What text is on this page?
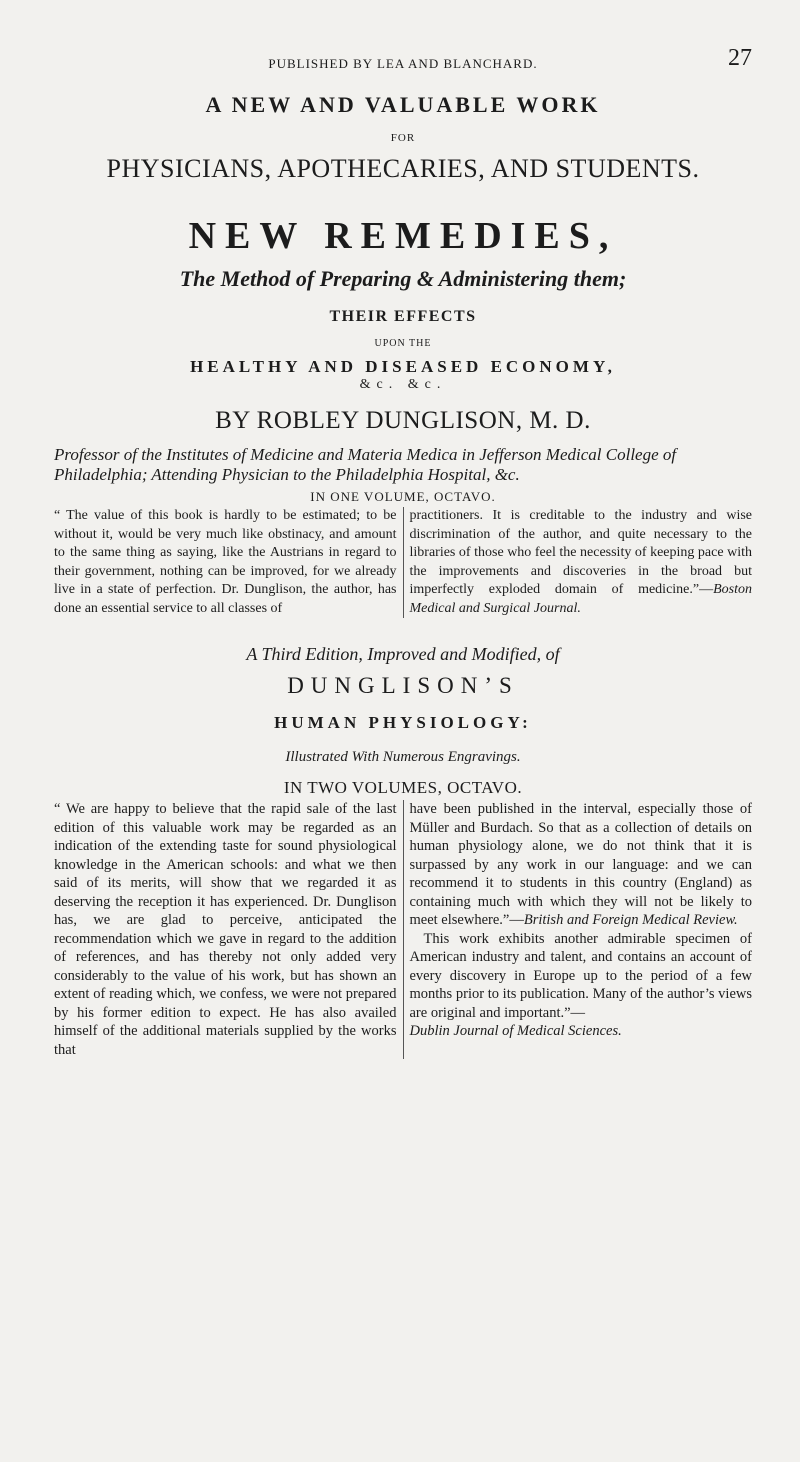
PUBLISHED BY LEA AND BLANCHARD.	27
A NEW AND VALUABLE WORK
FOR
PHYSICIANS, APOTHECARIES, AND STUDENTS.
NEW REMEDIES,
The Method of Preparing & Administering them;
THEIR EFFECTS
UPON THE
HEALTHY AND DISEASED ECONOMY,
&c. &c.
BY ROBLEY DUNGLISON, M. D.
Professor of the Institutes of Medicine and Materia Medica in Jefferson Medical College of Philadelphia; Attending Physician to the Philadelphia Hospital, &c.
IN ONE VOLUME, OCTAVO.
“ The value of this book is hardly to be estimated; to be without it, would be very much like obstinacy, and amount to the same thing as saying, like the Austrians in regard to their government, nothing can be improved, for we already live in a state of perfection. Dr. Dunglison, the author, has done an essential service to all classes of
practitioners. It is creditable to the industry and wise discrimination of the author, and quite necessary to the libraries of those who feel the necessity of keeping pace with the improvements and discoveries in the broad but imperfectly exploded domain of medicine.”—Boston Medical and Surgical Journal.
A Third Edition, Improved and Modified, of
DUNGLISON’S
HUMAN PHYSIOLOGY:
Illustrated With Numerous Engravings.
IN TWO VOLUMES, OCTAVO.
“ We are happy to believe that the rapid sale of the last edition of this valuable work may be regarded as an indication of the extending taste for sound physiological knowledge in the American schools: and what we then said of its merits, will show that we regarded it as deserving the reception it has experienced. Dr. Dunglison has, we are glad to perceive, anticipated the recommendation which we gave in regard to the addition of references, and has thereby not only added very considerably to the value of his work, but has shown an extent of reading which, we confess, we were not prepared by his former edition to expect. He has also availed himself of the additional materials supplied by the works that
have been published in the interval, especially those of Müller and Burdach. So that as a collection of details on human physiology alone, we do not think that it is surpassed by any work in our language: and we can recommend it to students in this country (England) as containing much with which they will not be likely to meet elsewhere.”—British and Foreign Medical Review.
This work exhibits another admirable specimen of American industry and talent, and contains an account of every discovery in Europe up to the period of a few months prior to its publication. Many of the author’s views are original and important.”—
Dublin Journal of Medical Sciences.
